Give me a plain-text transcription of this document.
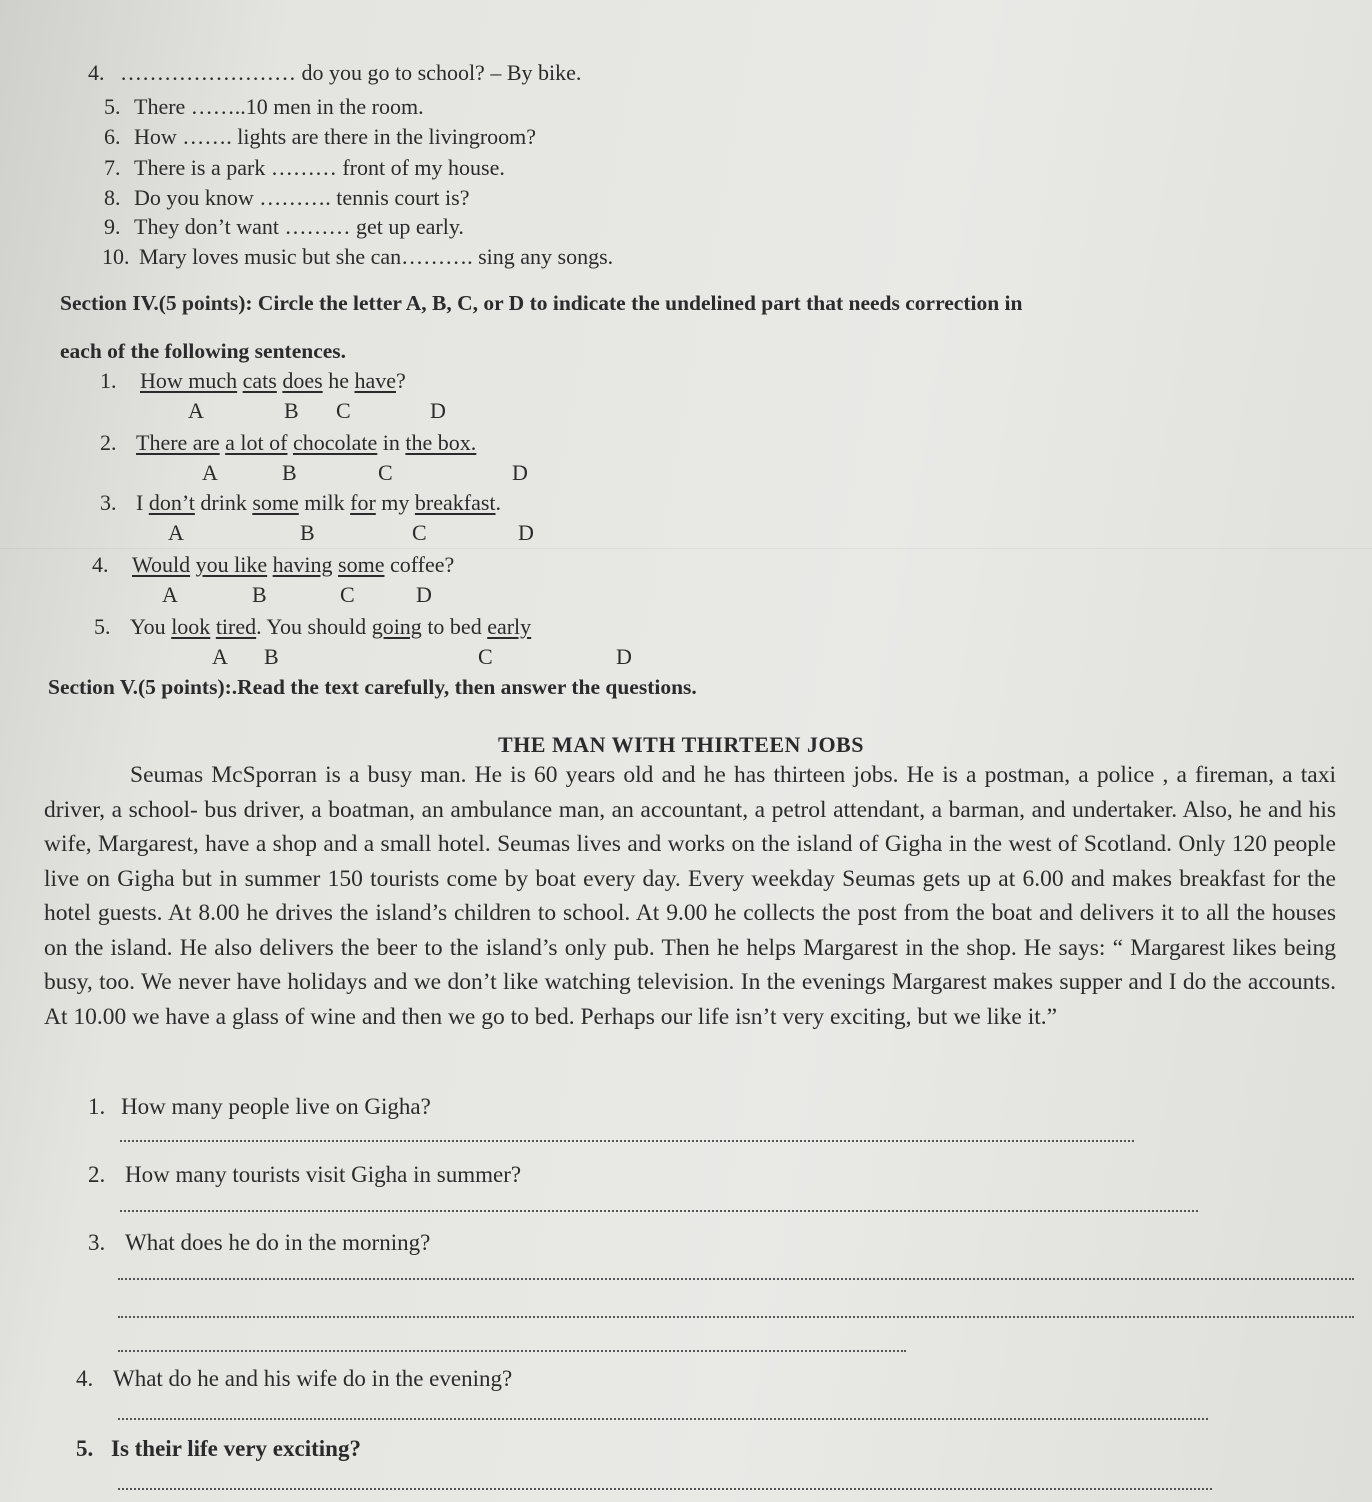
4. …………………… do you go to school? – By bike.
5. There ……..10 men in the room.
6. How ……. lights are there in the livingroom?
7. There is a park ……… front of my house.
8. Do you know ………. tennis court is?
9. They don’t want ……… get up early.
10. Mary loves music but she can………. sing any songs.
Section IV.(5 points): Circle the letter A, B, C, or D to indicate the undelined part that needs correction in
each of the following sentences.
1. How much cats does he have?
A	B C	D
2. There are a lot of chocolate in the box.
A	B	C	D
3. I don’t drink some milk for my breakfast.
A	B	C	D
4. Would you like having some coffee?
A	B	C	D
5. You look tired. You should going to bed early
A B	C	D
Section V.(5 points):.Read the text carefully, then answer the questions.
THE MAN WITH THIRTEEN JOBS
Seumas McSporran is a busy man. He is 60 years old and he has thirteen jobs. He is a postman, a police , a fireman, a taxi driver, a school- bus driver, a boatman, an ambulance man, an accountant, a petrol attendant, a barman, and undertaker. Also, he and his wife, Margarest, have a shop and a small hotel. Seumas lives and works on the island of Gigha in the west of Scotland. Only 120 people live on Gigha but in summer 150 tourists come by boat every day. Every weekday Seumas gets up at 6.00 and makes breakfast for the hotel guests. At 8.00 he drives the island’s children to school. At 9.00 he collects the post from the boat and delivers it to all the houses on the island. He also delivers the beer to the island’s only pub. Then he helps Margarest in the shop. He says: “ Margarest likes being busy, too. We never have holidays and we don’t like watching television. In the evenings Margarest makes supper and I do the accounts. At 10.00 we have a glass of wine and then we go to bed. Perhaps our life isn’t very exciting, but we like it.”
1. How many people live on Gigha?
2. How many tourists visit Gigha in summer?
3. What does he do in the morning?
4. What do he and his wife do in the evening?
5. Is their life very exciting?
